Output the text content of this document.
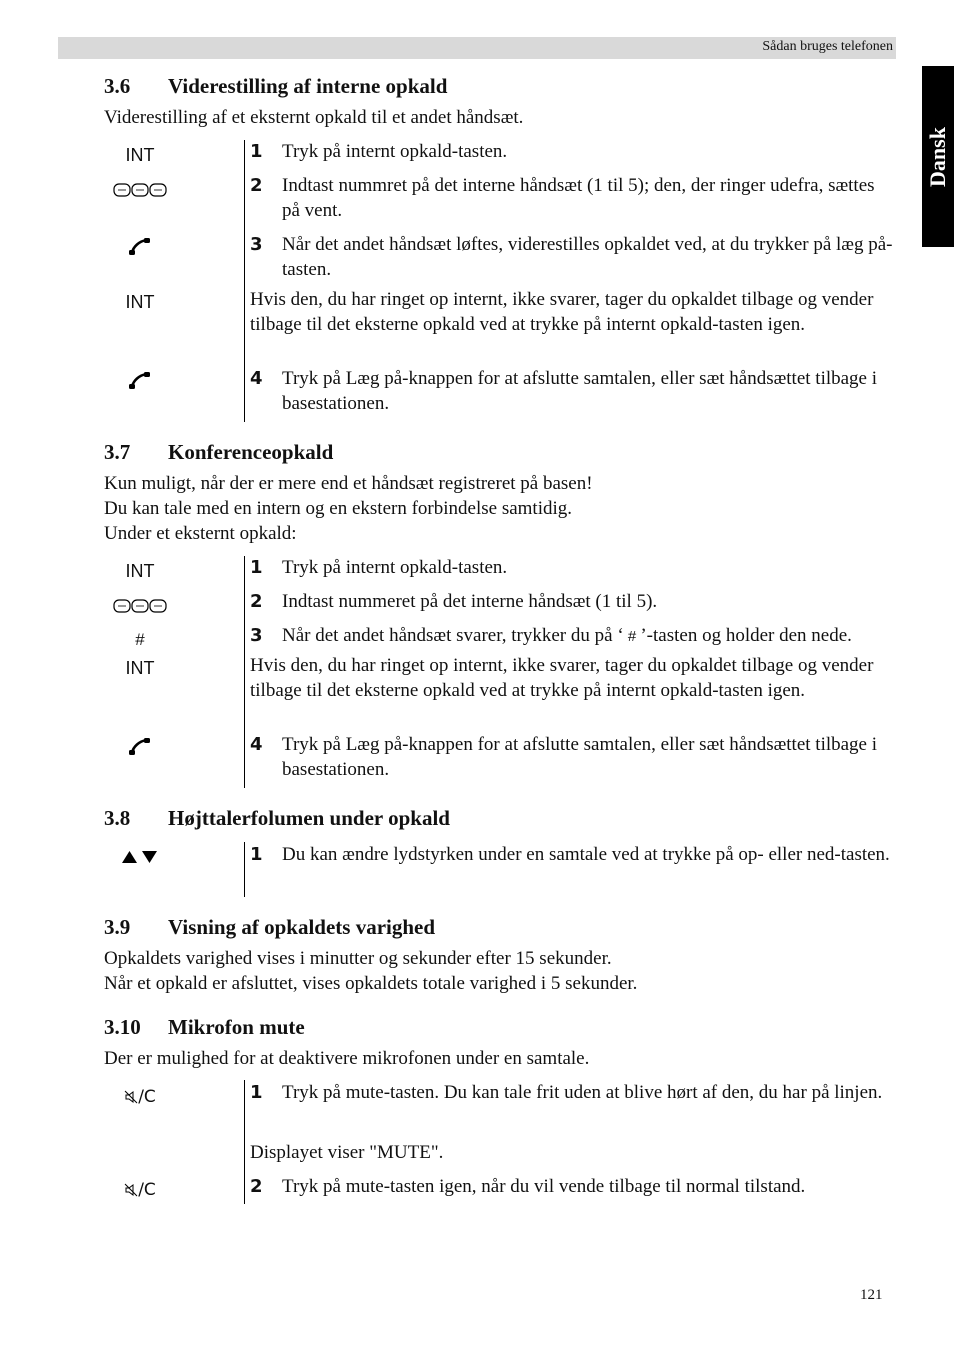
Sådan bruges telefonen
Dansk
3.6 Viderestilling af interne opkald
Viderestilling af et eksternt opkald til et andet håndsæt.
INT
INT
1 Tryk på internt opkald-tasten.
2 Indtast nummret på det interne håndsæt (1 til 5); den, der ringer udefra, sættes på vent.
3 Når det andet håndsæt løftes, viderestilles opkaldet ved, at du trykker på læg på-tasten.
Hvis den, du har ringet op internt, ikke svarer, tager du opkaldet tilbage og vender tilbage til det eksterne opkald ved at trykke på internt opkald-tasten igen.
4 Tryk på Læg på-knappen for at afslutte samtalen, eller sæt håndsættet tilbage i basestationen.
3.7 Konferenceopkald
Kun muligt, når der er mere end et håndsæt registreret på basen!
Du kan tale med en intern og en ekstern forbindelse samtidig.
Under et eksternt opkald:
INT
#
INT
1 Tryk på internt opkald-tasten.
2 Indtast nummeret på det interne håndsæt (1 til 5).
3 Når det andet håndsæt svarer, trykker du på ‘ # ’-tasten og holder den nede.
Hvis den, du har ringet op internt, ikke svarer, tager du opkaldet tilbage og vender tilbage til det eksterne opkald ved at trykke på internt opkald-tasten igen.
4 Tryk på Læg på-knappen for at afslutte samtalen, eller sæt håndsættet tilbage i basestationen.
3.8 Højttalerfolumen under opkald
1 Du kan ændre lydstyrken under en samtale ved at trykke på op- eller ned-tasten.
3.9 Visning af opkaldets varighed
Opkaldets varighed vises i minutter og sekunder efter 15 sekunder.
Når et opkald er afsluttet, vises opkaldets totale varighed i 5 sekunder.
3.10 Mikrofon mute
Der er mulighed for at deaktivere mikrofonen under en samtale.
/C
/C
1 Tryk på mute-tasten. Du kan tale frit uden at blive hørt af den, du har på linjen.
Displayet viser "MUTE".
2 Tryk på mute-tasten igen, når du vil vende tilbage til normal tilstand.
121
